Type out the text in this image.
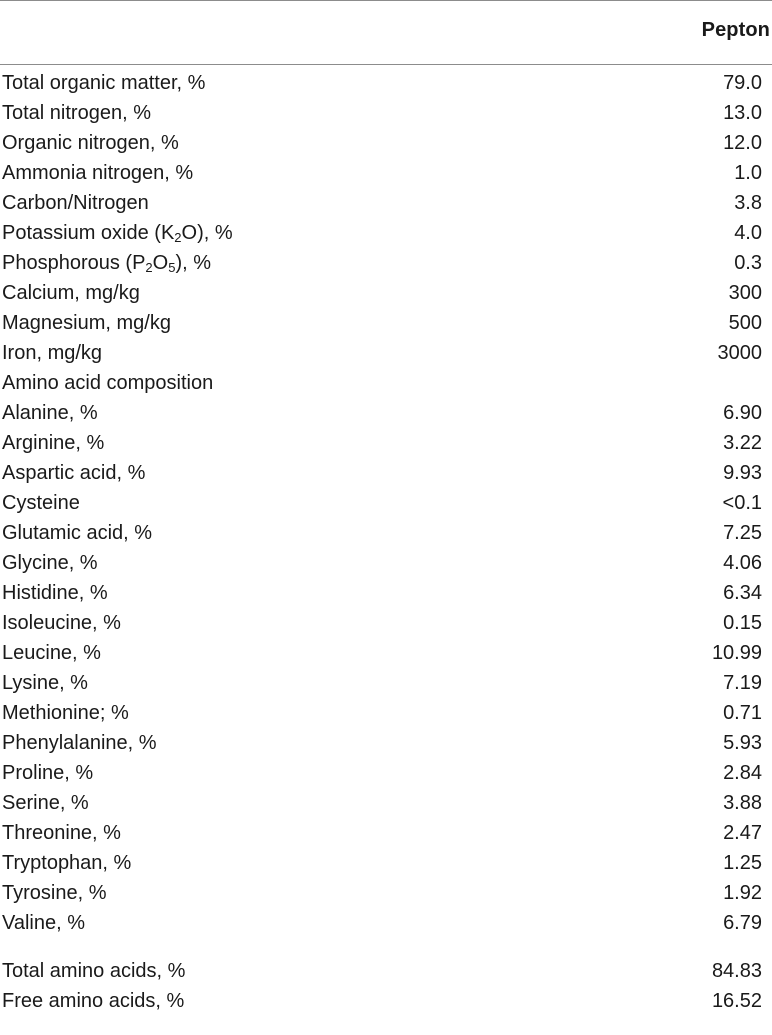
Pepton
Total organic matter, %	79.0
Total nitrogen, %	13.0
Organic nitrogen, %	12.0
Ammonia nitrogen, %	1.0
Carbon/Nitrogen	3.8
Potassium oxide $(K_2O)$, %	4.0
Phosphorous $(P_2O_5)$, %	0.3
Calcium, mg/kg	300
Magnesium, mg/kg	500
Iron, mg/kg	3000
Amino acid composition
Alanine, %	6.90
Arginine, %	3.22
Aspartic acid, %	9.93
Cysteine	<0.1
Glutamic acid, %	7.25
Glycine, %	4.06
Histidine, %	6.34
Isoleucine, %	0.15
Leucine, %	10.99
Lysine, %	7.19
Methionine; %	0.71
Phenylalanine, %	5.93
Proline, %	2.84
Serine, %	3.88
Threonine, %	2.47
Tryptophan, %	1.25
Tyrosine, %	1.92
Valine, %	6.79
Total amino acids, %	84.83
Free amino acids, %	16.52
